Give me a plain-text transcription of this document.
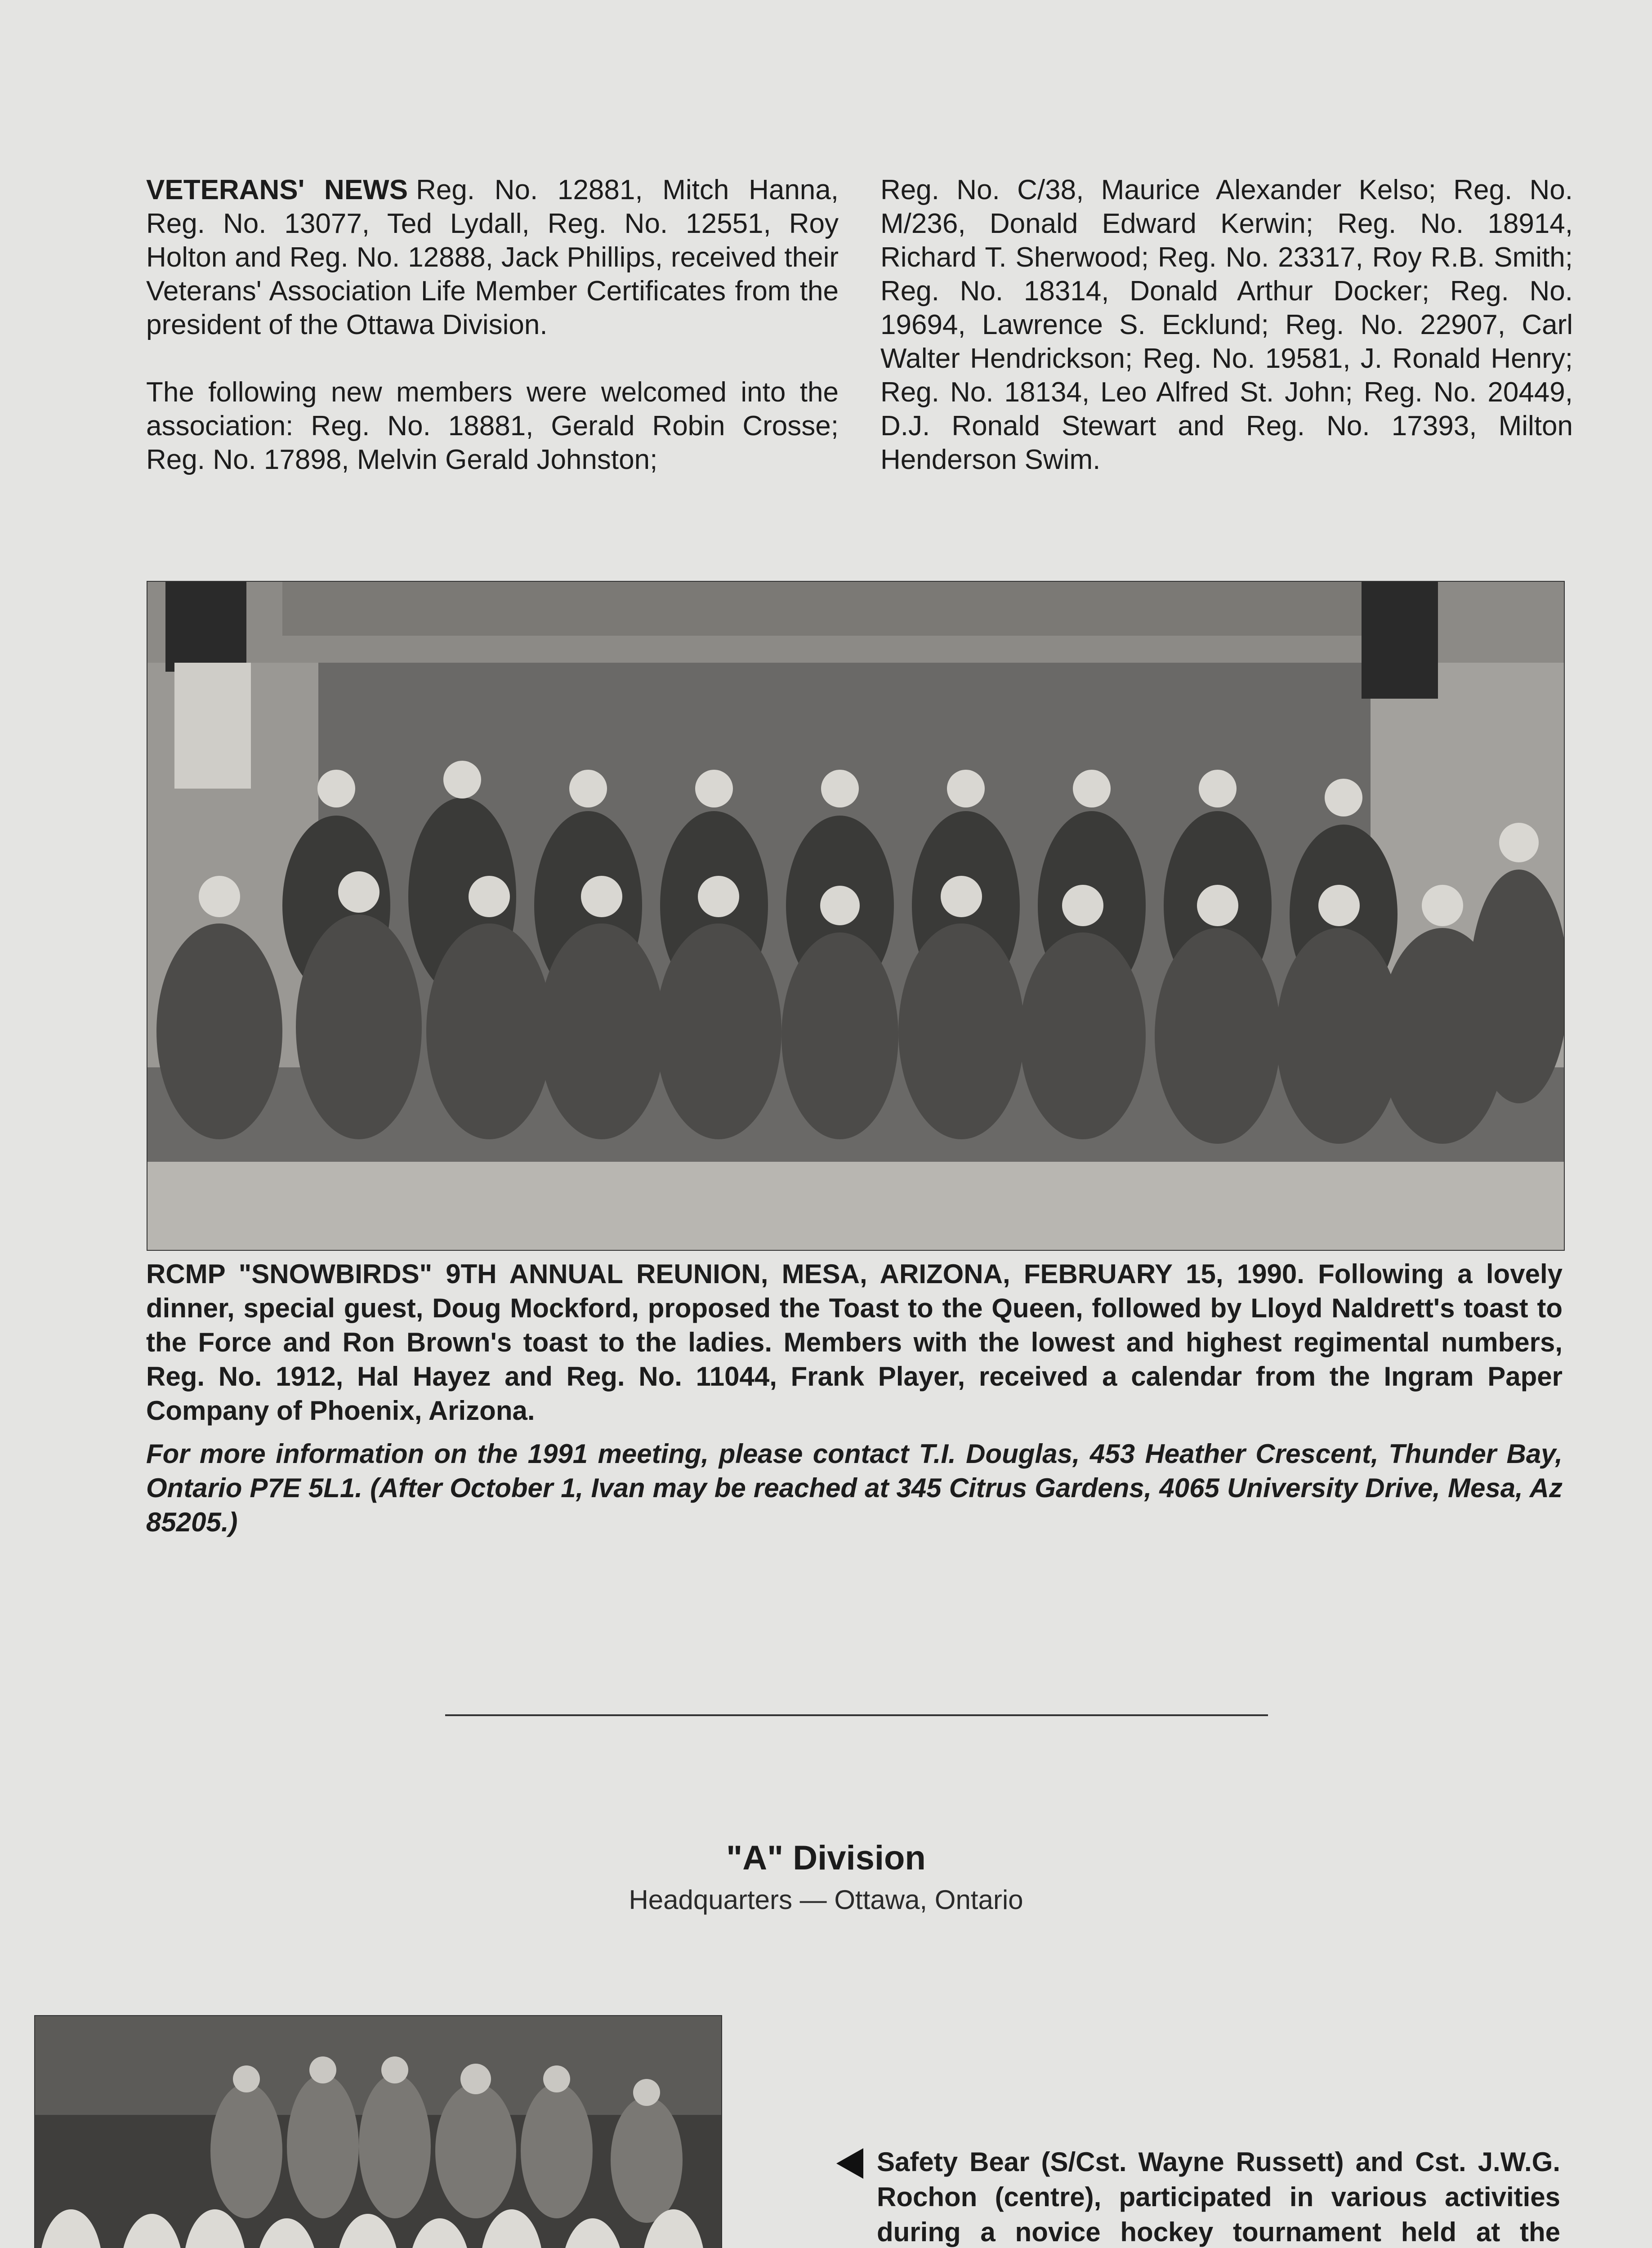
VETERANS' NEWS Reg. No. 12881, Mitch Hanna, Reg. No. 13077, Ted Lydall, Reg. No. 12551, Roy Holton and Reg. No. 12888, Jack Phillips, received their Veterans' Association Life Member Certificates from the president of the Ottawa Division.

The following new members were welcomed into the association: Reg. No. 18881, Gerald Robin Crosse; Reg. No. 17898, Melvin Gerald Johnston;

Reg. No. C/38, Maurice Alexander Kelso; Reg. No. M/236, Donald Edward Kerwin; Reg. No. 18914, Richard T. Sherwood; Reg. No. 23317, Roy R.B. Smith; Reg. No. 18314, Donald Arthur Docker; Reg. No. 19694, Lawrence S. Ecklund; Reg. No. 22907, Carl Walter Hendrickson; Reg. No. 19581, J. Ronald Henry; Reg. No. 18134, Leo Alfred St. John; Reg. No. 20449, D.J. Ronald Stewart and Reg. No. 17393, Milton Henderson Swim.

RCMP "SNOWBIRDS" 9TH ANNUAL REUNION, MESA, ARIZONA, FEBRUARY 15, 1990. Following a lovely dinner, special guest, Doug Mockford, proposed the Toast to the Queen, followed by Lloyd Naldrett's toast to the Force and Ron Brown's toast to the ladies. Members with the lowest and highest regimental numbers, Reg. No. 1912, Hal Hayez and Reg. No. 11044, Frank Player, received a calendar from the Ingram Paper Company of Phoenix, Arizona.

For more information on the 1991 meeting, please contact T.I. Douglas, 453 Heather Crescent, Thunder Bay, Ontario P7E 5L1. (After October 1, Ivan may be reached at 345 Citrus Gardens, 4065 University Drive, Mesa, Az 85205.)

"A" Division
Headquarters — Ottawa, Ontario
Safety Bear (S/Cst. Wayne Russett) and Cst. J.W.G. Rochon (centre), participated in various activities during a novice hockey tournament held at the
